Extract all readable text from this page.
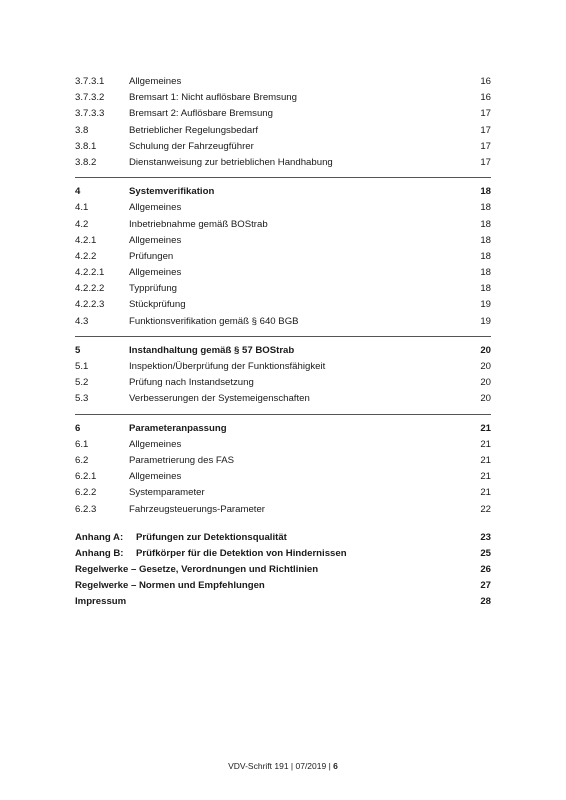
3.7.3.1	Allgemeines	16
3.7.3.2	Bremsart 1: Nicht auflösbare Bremsung	16
3.7.3.3	Bremsart 2: Auflösbare Bremsung	17
3.8	Betrieblicher Regelungsbedarf	17
3.8.1	Schulung der Fahrzeugführer	17
3.8.2	Dienstanweisung zur betrieblichen Handhabung	17
4	Systemverifikation	18
4.1	Allgemeines	18
4.2	Inbetriebnahme gemäß BOStrab	18
4.2.1	Allgemeines	18
4.2.2	Prüfungen	18
4.2.2.1	Allgemeines	18
4.2.2.2	Typprüfung	18
4.2.2.3	Stückprüfung	19
4.3	Funktionsverifikation gemäß § 640 BGB	19
5	Instandhaltung gemäß § 57 BOStrab	20
5.1	Inspektion/Überprüfung der Funktionsfähigkeit	20
5.2	Prüfung nach Instandsetzung	20
5.3	Verbesserungen der Systemeigenschaften	20
6	Parameteranpassung	21
6.1	Allgemeines	21
6.2	Parametrierung des FAS	21
6.2.1	Allgemeines	21
6.2.2	Systemparameter	21
6.2.3	Fahrzeugsteuerungs-Parameter	22
Anhang A: Prüfungen zur Detektionsqualität	23
Anhang B: Prüfkörper für die Detektion von Hindernissen	25
Regelwerke – Gesetze, Verordnungen und Richtlinien	26
Regelwerke – Normen und Empfehlungen	27
Impressum	28
VDV-Schrift 191 | 07/2019 | 6
